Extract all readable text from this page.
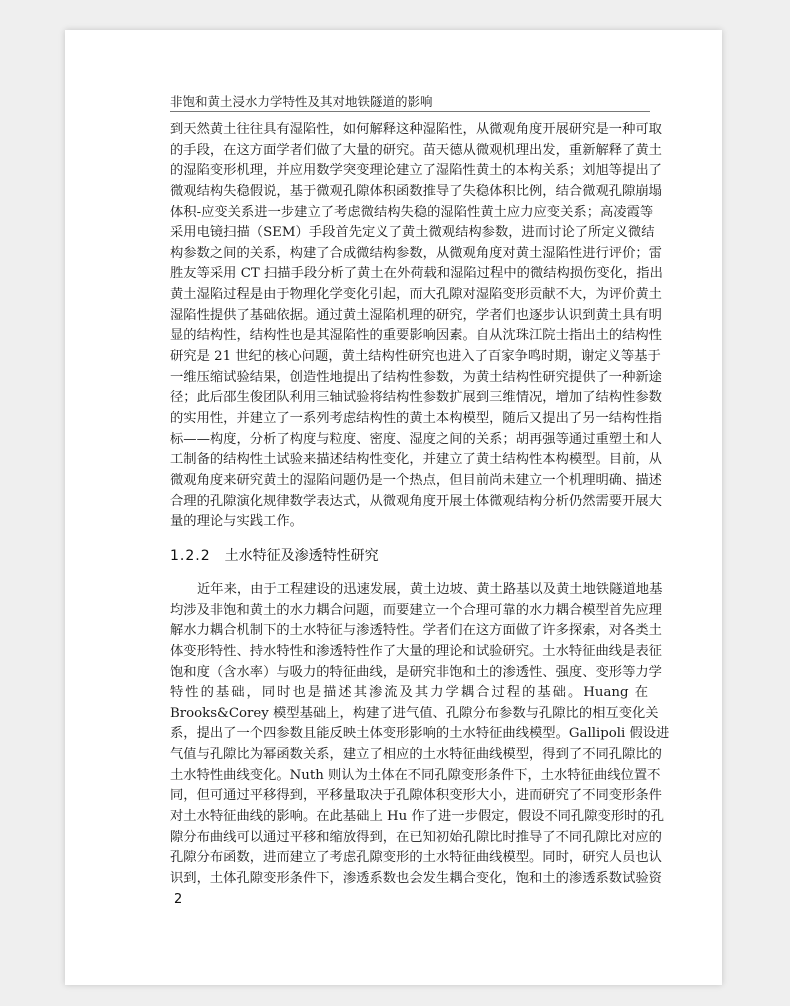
非饱和黄土浸水力学特性及其对地铁隧道的影响
到天然黄土往往具有湿陷性，如何解释这种湿陷性，从微观角度开展研究是一种可取
的手段，在这方面学者们做了大量的研究。苗天德从微观机理出发，重新解释了黄土
的湿陷变形机理，并应用数学突变理论建立了湿陷性黄土的本构关系；刘旭等提出了
微观结构失稳假说，基于微观孔隙体积函数推导了失稳体积比例，结合微观孔隙崩塌
体积-应变关系进一步建立了考虑微结构失稳的湿陷性黄土应力应变关系；高凌霞等
采用电镜扫描（SEM）手段首先定义了黄土微观结构参数，进而讨论了所定义微结
构参数之间的关系，构建了合成微结构参数，从微观角度对黄土湿陷性进行评价；雷
胜友等采用 CT 扫描手段分析了黄土在外荷载和湿陷过程中的微结构损伤变化，指出
黄土湿陷过程是由于物理化学变化引起，而大孔隙对湿陷变形贡献不大，为评价黄土
湿陷性提供了基础依据。通过黄土湿陷机理的研究，学者们也逐步认识到黄土具有明
显的结构性，结构性也是其湿陷性的重要影响因素。自从沈珠江院士指出土的结构性
研究是 21 世纪的核心问题，黄土结构性研究也进入了百家争鸣时期，谢定义等基于
一维压缩试验结果，创造性地提出了结构性参数，为黄土结构性研究提供了一种新途
径；此后邵生俊团队利用三轴试验将结构性参数扩展到三维情况，增加了结构性参数
的实用性，并建立了一系列考虑结构性的黄土本构模型，随后又提出了另一结构性指
标——构度，分析了构度与粒度、密度、湿度之间的关系；胡再强等通过重塑土和人
工制备的结构性土试验来描述结构性变化，并建立了黄土结构性本构模型。目前，从
微观角度来研究黄土的湿陷问题仍是一个热点，但目前尚未建立一个机理明确、描述
合理的孔隙演化规律数学表达式，从微观角度开展土体微观结构分析仍然需要开展大
量的理论与实践工作。
1.2.2 土水特征及渗透特性研究
近年来，由于工程建设的迅速发展，黄土边坡、黄土路基以及黄土地铁隧道地基
均涉及非饱和黄土的水力耦合问题，而要建立一个合理可靠的水力耦合模型首先应理
解水力耦合机制下的土水特征与渗透特性。学者们在这方面做了许多探索，对各类土
体变形特性、持水特性和渗透特性作了大量的理论和试验研究。土水特征曲线是表征
饱和度（含水率）与吸力的特征曲线，是研究非饱和土的渗透性、强度、变形等力学
特性的基础，同时也是描述其渗流及其力学耦合过程的基础。Huang 在
Brooks&Corey 模型基础上，构建了进气值、孔隙分布参数与孔隙比的相互变化关
系，提出了一个四参数且能反映土体变形影响的土水特征曲线模型。Gallipoli 假设进
气值与孔隙比为幂函数关系，建立了相应的土水特征曲线模型，得到了不同孔隙比的
土水特性曲线变化。Nuth 则认为土体在不同孔隙变形条件下，土水特征曲线位置不
同，但可通过平移得到，平移量取决于孔隙体积变形大小，进而研究了不同变形条件
对土水特征曲线的影响。在此基础上 Hu 作了进一步假定，假设不同孔隙变形时的孔
隙分布曲线可以通过平移和缩放得到，在已知初始孔隙比时推导了不同孔隙比对应的
孔隙分布函数，进而建立了考虑孔隙变形的土水特征曲线模型。同时，研究人员也认
识到，土体孔隙变形条件下，渗透系数也会发生耦合变化，饱和土的渗透系数试验资
2
